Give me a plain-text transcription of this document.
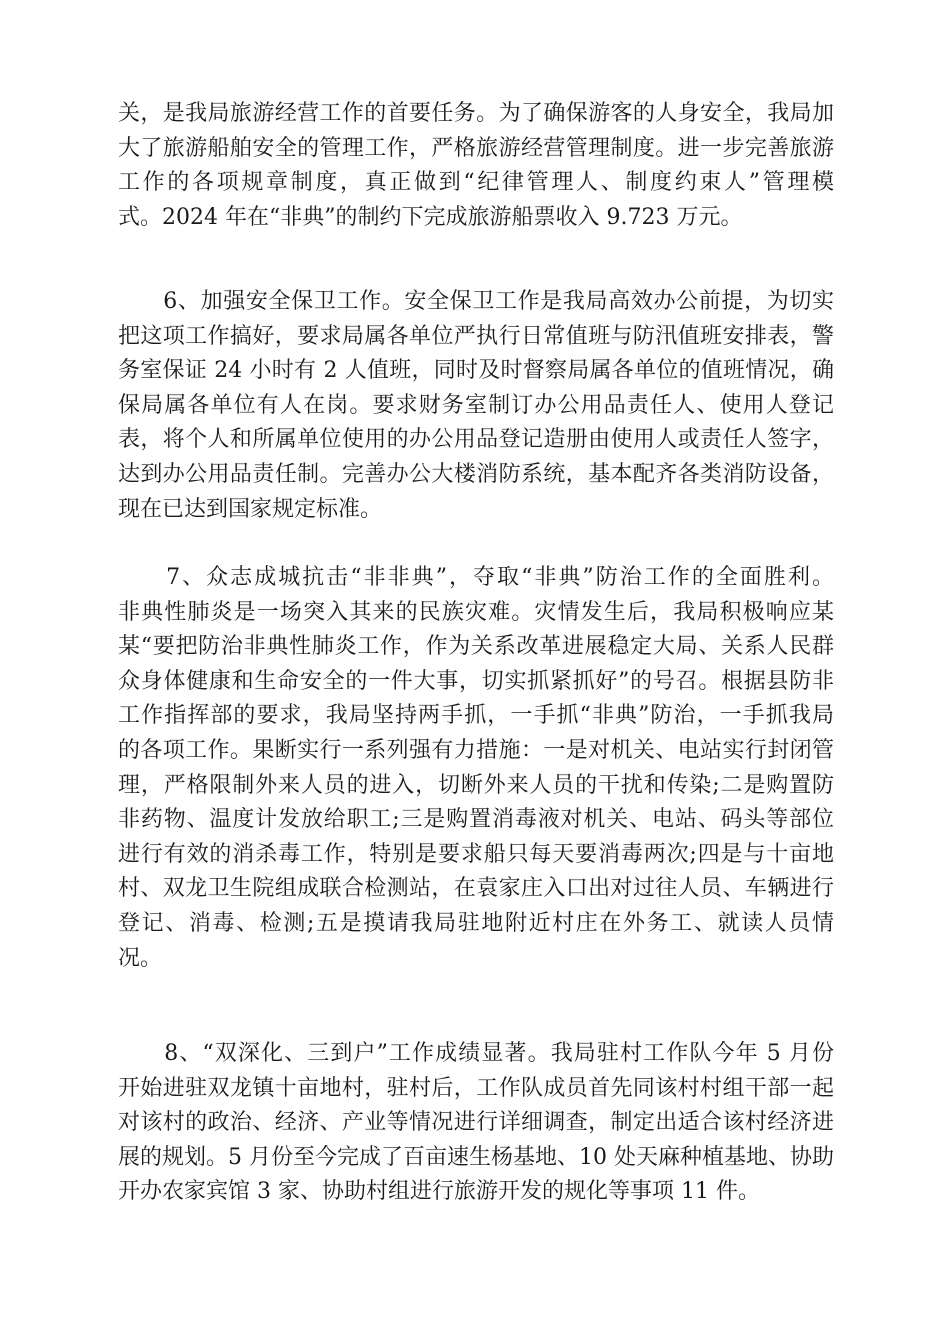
关，是我局旅游经营工作的首要任务。为了确保游客的人身安全，我局加
大了旅游船舶安全的管理工作，严格旅游经营管理制度。进一步完善旅游
工作的各项规章制度，真正做到“纪律管理人、制度约束人”管理模
式。2024 年在“非典”的制约下完成旅游船票收入 9.723 万元。
　　6、加强安全保卫工作。安全保卫工作是我局高效办公前提，为切实
把这项工作搞好，要求局属各单位严执行日常值班与防汛值班安排表，警
务室保证 24 小时有 2 人值班，同时及时督察局属各单位的值班情况，确
保局属各单位有人在岗。要求财务室制订办公用品责任人、使用人登记
表，将个人和所属单位使用的办公用品登记造册由使用人或责任人签字，
达到办公用品责任制。完善办公大楼消防系统，基本配齐各类消防设备，
现在已达到国家规定标准。
　　7、众志成城抗击“非非典”，夺取“非典”防治工作的全面胜利。
非典性肺炎是一场突入其来的民族灾难。灾情发生后，我局积极响应某
某“要把防治非典性肺炎工作，作为关系改革进展稳定大局、关系人民群
众身体健康和生命安全的一件大事，切实抓紧抓好”的号召。根据县防非
工作指挥部的要求，我局坚持两手抓，一手抓“非典”防治，一手抓我局
的各项工作。果断实行一系列强有力措施：一是对机关、电站实行封闭管
理，严格限制外来人员的进入，切断外来人员的干扰和传染;二是购置防
非药物、温度计发放给职工;三是购置消毒液对机关、电站、码头等部位
进行有效的消杀毒工作，特别是要求船只每天要消毒两次;四是与十亩地
村、双龙卫生院组成联合检测站，在袁家庄入口出对过往人员、车辆进行
登记、消毒、检测;五是摸请我局驻地附近村庄在外务工、就读人员情
况。
　　8、“双深化、三到户”工作成绩显著。我局驻村工作队今年 5 月份
开始进驻双龙镇十亩地村，驻村后，工作队成员首先同该村村组干部一起
对该村的政治、经济、产业等情况进行详细调查，制定出适合该村经济进
展的规划。5 月份至今完成了百亩速生杨基地、10 处天麻种植基地、协助
开办农家宾馆 3 家、协助村组进行旅游开发的规化等事项 11 件。
